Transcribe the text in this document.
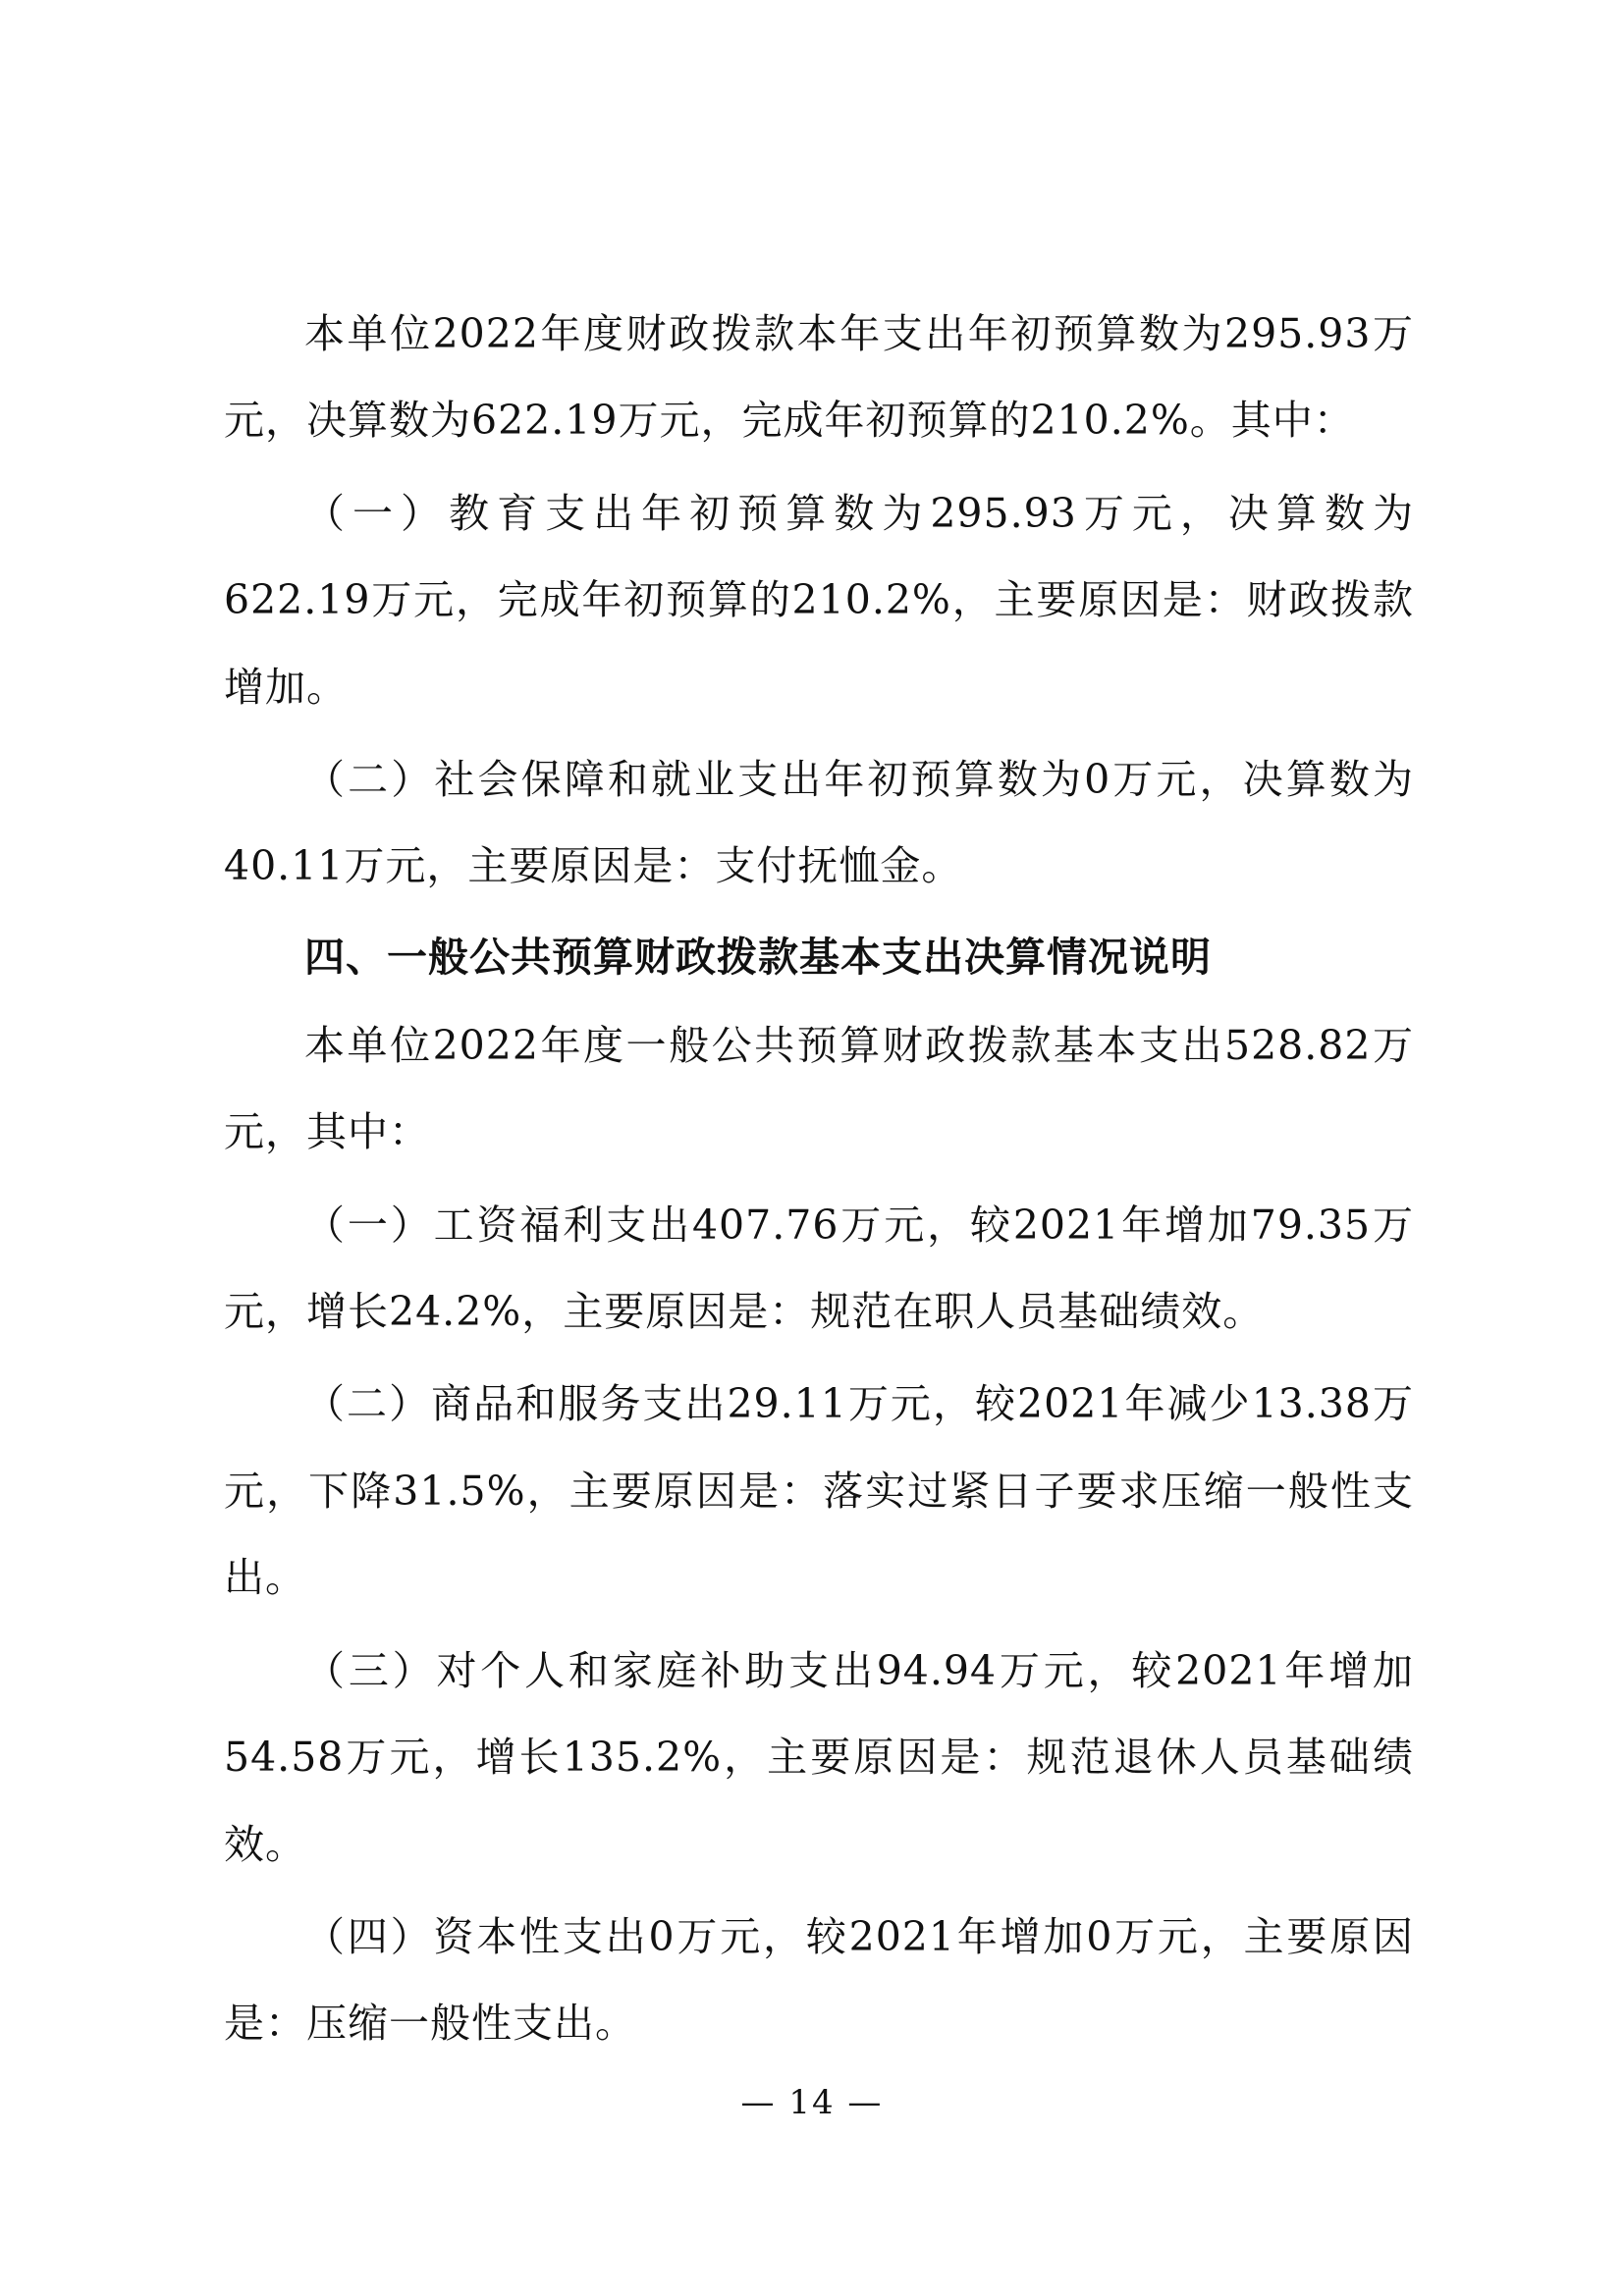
本单位2022年度财政拨款本年支出年初预算数为295.93万元，决算数为622.19万元，完成年初预算的210.2%。其中：

（一）教育支出年初预算数为295.93万元，决算数为622.19万元，完成年初预算的210.2%，主要原因是：财政拨款增加。

（二）社会保障和就业支出年初预算数为0万元，决算数为40.11万元，主要原因是：支付抚恤金。

四、一般公共预算财政拨款基本支出决算情况说明

本单位2022年度一般公共预算财政拨款基本支出528.82万元，其中：

（一）工资福利支出407.76万元，较2021年增加79.35万元，增长24.2%，主要原因是：规范在职人员基础绩效。

（二）商品和服务支出29.11万元，较2021年减少13.38万元，下降31.5%，主要原因是：落实过紧日子要求压缩一般性支出。

（三）对个人和家庭补助支出94.94万元，较2021年增加54.58万元，增长135.2%，主要原因是：规范退休人员基础绩效。

（四）资本性支出0万元，较2021年增加0万元，主要原因是：压缩一般性支出。

— 14 —
